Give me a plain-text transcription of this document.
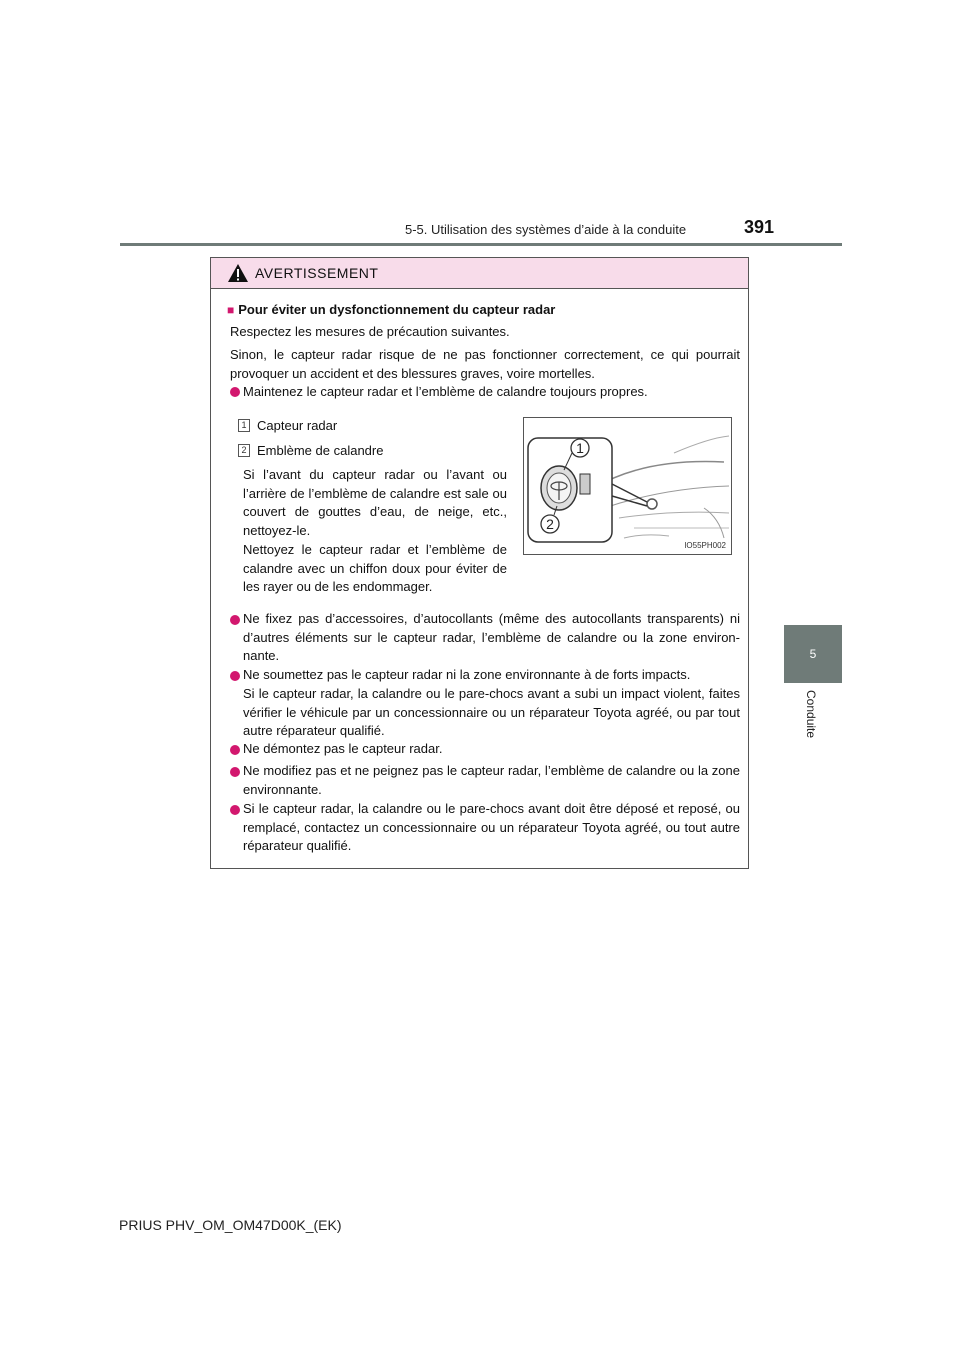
5-5. Utilisation des systèmes d’aide à la conduite	391
5
Conduite
AVERTISSEMENT
■ Pour éviter un dysfonctionnement du capteur radar
Respectez les mesures de précaution suivantes.
Sinon, le capteur radar risque de ne pas fonctionner correctement, ce qui pourrait provoquer un accident et des blessures graves, voire mortelles.
Maintenez le capteur radar et l’emblème de calandre toujours propres.
1 Capteur radar
2 Emblème de calandre
Si l’avant du capteur radar ou l’avant ou l’arrière de l’emblème de calandre est sale ou couvert de gouttes d’eau, de neige, etc., nettoyez-le.
Nettoyez le capteur radar et l’emblème de calandre avec un chiffon doux pour éviter de les rayer ou de les endommager.
1
2
IO55PH002
Ne fixez pas d’accessoires, d’autocollants (même des autocollants transparents) ni d’autres éléments sur le capteur radar, l’emblème de calandre ou la zone environ-nante.
Ne soumettez pas le capteur radar ni la zone environnante à de forts impacts.
Si le capteur radar, la calandre ou le pare-chocs avant a subi un impact violent, faites vérifier le véhicule par un concessionnaire ou un réparateur Toyota agréé, ou par tout autre réparateur qualifié.
Ne démontez pas le capteur radar.
Ne modifiez pas et ne peignez pas le capteur radar, l’emblème de calandre ou la zone environnante.
Si le capteur radar, la calandre ou le pare-chocs avant doit être déposé et reposé, ou remplacé, contactez un concessionnaire ou un réparateur Toyota agréé, ou tout autre réparateur qualifié.
PRIUS PHV_OM_OM47D00K_(EK)
